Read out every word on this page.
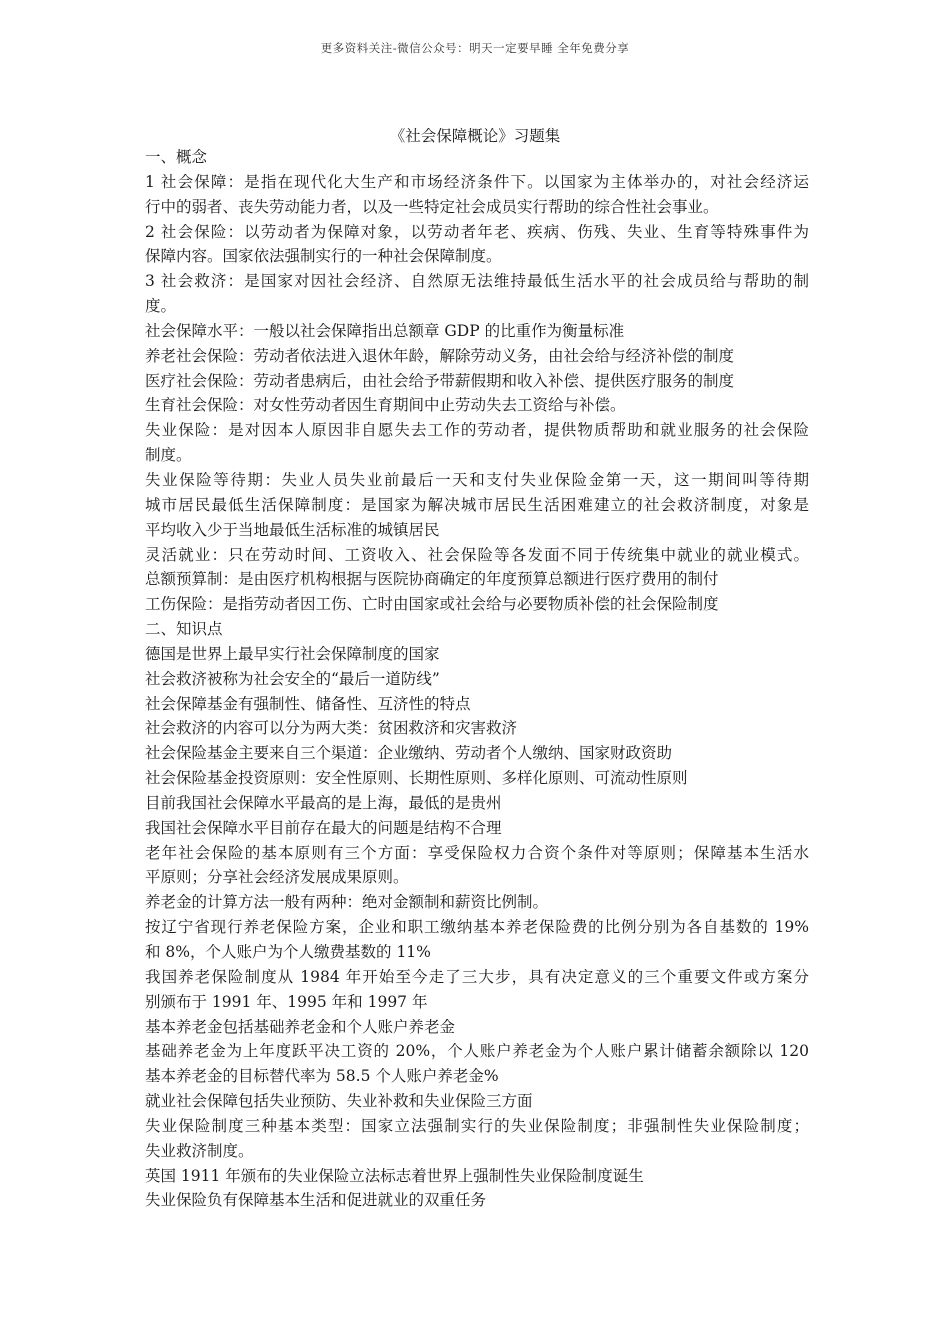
更多资料关注-微信公众号：明天一定要早睡 全年免费分享
《社会保障概论》习题集
一、概念
1 社会保障：是指在现代化大生产和市场经济条件下。以国家为主体举办的，对社会经济运
行中的弱者、丧失劳动能力者，以及一些特定社会成员实行帮助的综合性社会事业。
2 社会保险：以劳动者为保障对象，以劳动者年老、疾病、伤残、失业、生育等特殊事件为
保障内容。国家依法强制实行的一种社会保障制度。
3 社会救济：是国家对因社会经济、自然原无法维持最低生活水平的社会成员给与帮助的制
度。
社会保障水平：一般以社会保障指出总额章 GDP 的比重作为衡量标准
养老社会保险：劳动者依法进入退休年龄，解除劳动义务，由社会给与经济补偿的制度
医疗社会保险：劳动者患病后，由社会给予带薪假期和收入补偿、提供医疗服务的制度
生育社会保险：对女性劳动者因生育期间中止劳动失去工资给与补偿。
失业保险：是对因本人原因非自愿失去工作的劳动者，提供物质帮助和就业服务的社会保险
制度。
失业保险等待期：失业人员失业前最后一天和支付失业保险金第一天，这一期间叫等待期
城市居民最低生活保障制度：是国家为解决城市居民生活困难建立的社会救济制度，对象是
平均收入少于当地最低生活标准的城镇居民
灵活就业：只在劳动时间、工资收入、社会保险等各发面不同于传统集中就业的就业模式。
总额预算制：是由医疗机构根据与医院协商确定的年度预算总额进行医疗费用的制付
工伤保险：是指劳动者因工伤、亡时由国家或社会给与必要物质补偿的社会保险制度
二、知识点
德国是世界上最早实行社会保障制度的国家
社会救济被称为社会安全的“最后一道防线”
社会保障基金有强制性、储备性、互济性的特点
社会救济的内容可以分为两大类：贫困救济和灾害救济
社会保险基金主要来自三个渠道：企业缴纳、劳动者个人缴纳、国家财政资助
社会保险基金投资原则：安全性原则、长期性原则、多样化原则、可流动性原则
目前我国社会保障水平最高的是上海，最低的是贵州
我国社会保障水平目前存在最大的问题是结构不合理
老年社会保险的基本原则有三个方面：享受保险权力合资个条件对等原则；保障基本生活水
平原则；分享社会经济发展成果原则。
养老金的计算方法一般有两种：绝对金额制和薪资比例制。
按辽宁省现行养老保险方案，企业和职工缴纳基本养老保险费的比例分别为各自基数的 19%
和 8%，个人账户为个人缴费基数的 11%
我国养老保险制度从 1984 年开始至今走了三大步，具有决定意义的三个重要文件或方案分
别颁布于 1991 年、1995 年和 1997 年
基本养老金包括基础养老金和个人账户养老金
基础养老金为上年度跃平决工资的 20%，个人账户养老金为个人账户累计储蓄余额除以 120
基本养老金的目标替代率为 58.5 个人账户养老金%
就业社会保障包括失业预防、失业补救和失业保险三方面
失业保险制度三种基本类型：国家立法强制实行的失业保险制度；非强制性失业保险制度；
失业救济制度。
英国 1911 年颁布的失业保险立法标志着世界上强制性失业保险制度诞生
失业保险负有保障基本生活和促进就业的双重任务
